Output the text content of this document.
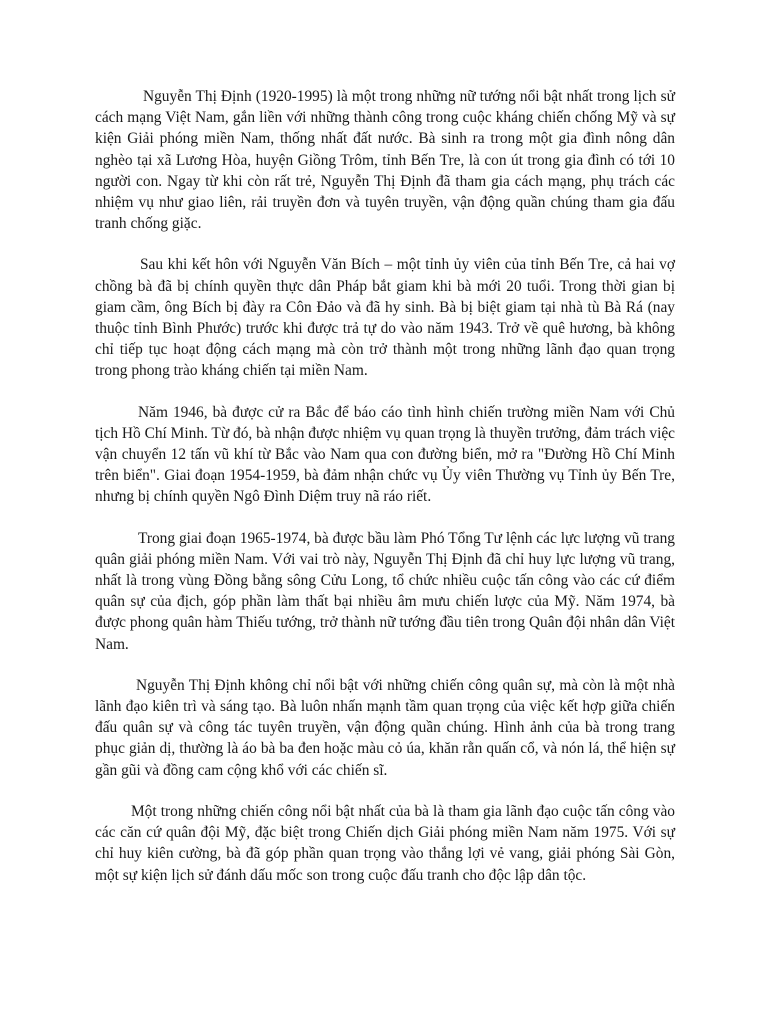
Nguyễn Thị Định (1920-1995) là một trong những nữ tướng nổi bật nhất trong lịch sử cách mạng Việt Nam, gắn liền với những thành công trong cuộc kháng chiến chống Mỹ và sự kiện Giải phóng miền Nam, thống nhất đất nước. Bà sinh ra trong một gia đình nông dân nghèo tại xã Lương Hòa, huyện Giồng Trôm, tỉnh Bến Tre, là con út trong gia đình có tới 10 người con. Ngay từ khi còn rất trẻ, Nguyễn Thị Định đã tham gia cách mạng, phụ trách các nhiệm vụ như giao liên, rải truyền đơn và tuyên truyền, vận động quần chúng tham gia đấu tranh chống giặc.

Sau khi kết hôn với Nguyễn Văn Bích – một tỉnh ủy viên của tỉnh Bến Tre, cả hai vợ chồng bà đã bị chính quyền thực dân Pháp bắt giam khi bà mới 20 tuổi. Trong thời gian bị giam cầm, ông Bích bị đày ra Côn Đảo và đã hy sinh. Bà bị biệt giam tại nhà tù Bà Rá (nay thuộc tỉnh Bình Phước) trước khi được trả tự do vào năm 1943. Trở về quê hương, bà không chỉ tiếp tục hoạt động cách mạng mà còn trở thành một trong những lãnh đạo quan trọng trong phong trào kháng chiến tại miền Nam.

Năm 1946, bà được cử ra Bắc để báo cáo tình hình chiến trường miền Nam với Chủ tịch Hồ Chí Minh. Từ đó, bà nhận được nhiệm vụ quan trọng là thuyền trưởng, đảm trách việc vận chuyển 12 tấn vũ khí từ Bắc vào Nam qua con đường biển, mở ra "Đường Hồ Chí Minh trên biển". Giai đoạn 1954-1959, bà đảm nhận chức vụ Ủy viên Thường vụ Tỉnh ủy Bến Tre, nhưng bị chính quyền Ngô Đình Diệm truy nã ráo riết.

Trong giai đoạn 1965-1974, bà được bầu làm Phó Tổng Tư lệnh các lực lượng vũ trang quân giải phóng miền Nam. Với vai trò này, Nguyễn Thị Định đã chỉ huy lực lượng vũ trang, nhất là trong vùng Đồng bằng sông Cửu Long, tổ chức nhiều cuộc tấn công vào các cứ điểm quân sự của địch, góp phần làm thất bại nhiều âm mưu chiến lược của Mỹ. Năm 1974, bà được phong quân hàm Thiếu tướng, trở thành nữ tướng đầu tiên trong Quân đội nhân dân Việt Nam.

Nguyễn Thị Định không chỉ nổi bật với những chiến công quân sự, mà còn là một nhà lãnh đạo kiên trì và sáng tạo. Bà luôn nhấn mạnh tầm quan trọng của việc kết hợp giữa chiến đấu quân sự và công tác tuyên truyền, vận động quần chúng. Hình ảnh của bà trong trang phục giản dị, thường là áo bà ba đen hoặc màu cỏ úa, khăn rằn quấn cổ, và nón lá, thể hiện sự gần gũi và đồng cam cộng khổ với các chiến sĩ.

Một trong những chiến công nổi bật nhất của bà là tham gia lãnh đạo cuộc tấn công vào các căn cứ quân đội Mỹ, đặc biệt trong Chiến dịch Giải phóng miền Nam năm 1975. Với sự chỉ huy kiên cường, bà đã góp phần quan trọng vào thắng lợi vẻ vang, giải phóng Sài Gòn, một sự kiện lịch sử đánh dấu mốc son trong cuộc đấu tranh cho độc lập dân tộc.
